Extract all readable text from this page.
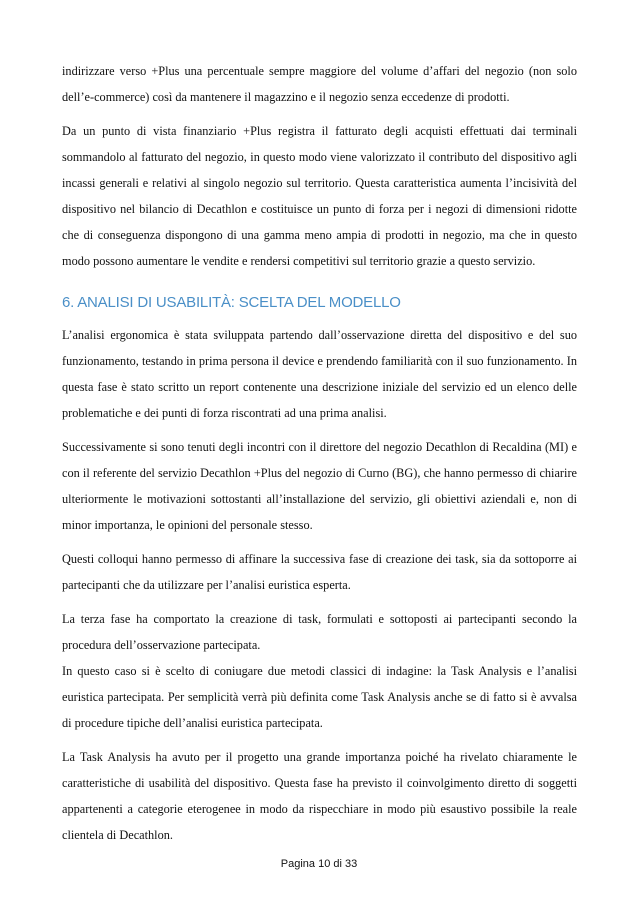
indirizzare verso +Plus una percentuale sempre maggiore del volume d’affari del negozio (non solo dell’e-commerce) così da mantenere il magazzino e il negozio senza eccedenze di prodotti.

Da un punto di vista finanziario +Plus registra il fatturato degli acquisti effettuati dai terminali sommandolo al fatturato del negozio, in questo modo viene valorizzato il contributo del dispositivo agli incassi generali e relativi al singolo negozio sul territorio. Questa caratteristica aumenta l’incisività del dispositivo nel bilancio di Decathlon e costituisce un punto di forza per i negozi di dimensioni ridotte che di conseguenza dispongono di una gamma meno ampia di prodotti in negozio, ma che in questo modo possono aumentare le vendite e rendersi competitivi sul territorio grazie a questo servizio.

6. ANALISI DI USABILITÀ: SCELTA DEL MODELLO

L’analisi ergonomica è stata sviluppata partendo dall’osservazione diretta del dispositivo e del suo funzionamento, testando in prima persona il device e prendendo familiarità con il suo funzionamento. In questa fase è stato scritto un report contenente una descrizione iniziale del servizio ed un elenco delle problematiche e dei punti di forza riscontrati ad una prima analisi.

Successivamente si sono tenuti degli incontri con il direttore del negozio Decathlon di Recaldina (MI) e con il referente del servizio Decathlon +Plus del negozio di Curno (BG), che hanno permesso di chiarire ulteriormente le motivazioni sottostanti all’installazione del servizio, gli obiettivi aziendali e, non di minor importanza, le opinioni del personale stesso.

Questi colloqui hanno permesso di affinare la successiva fase di creazione dei task, sia da sottoporre ai partecipanti che da utilizzare per l’analisi euristica esperta.

La terza fase ha comportato la creazione di task, formulati e sottoposti ai partecipanti secondo la procedura dell’osservazione partecipata.

In questo caso si è scelto di coniugare due metodi classici di indagine: la Task Analysis e l’analisi euristica partecipata. Per semplicità verrà più definita come Task Analysis anche se di fatto si è avvalsa di procedure tipiche dell’analisi euristica partecipata.

La Task Analysis ha avuto per il progetto una grande importanza poiché ha rivelato chiaramente le caratteristiche di usabilità del dispositivo. Questa fase ha previsto il coinvolgimento diretto di soggetti appartenenti a categorie eterogenee in modo da rispecchiare in modo più esaustivo possibile la reale clientela di Decathlon.

Pagina 10 di 33
